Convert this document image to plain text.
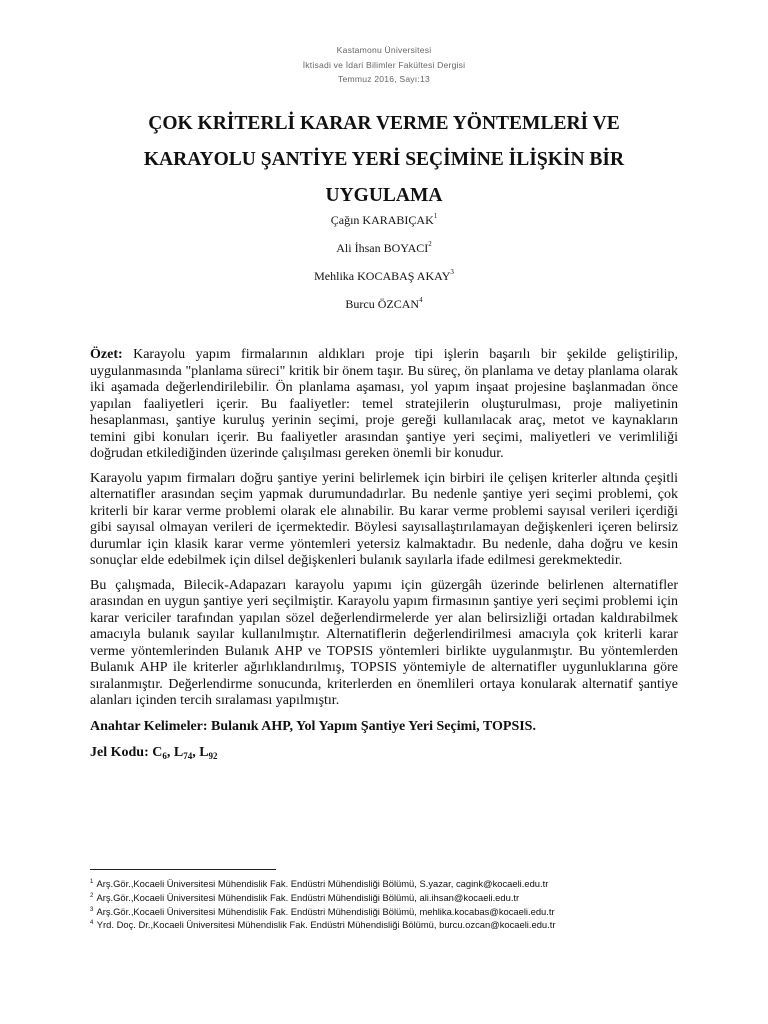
Kastamonu Üniversitesi
İktisadi ve İdari Bilimler Fakültesi Dergisi
Temmuz 2016, Sayı:13
ÇOK KRİTERLİ KARAR VERME YÖNTEMLERİ VE
KARAYOLU ŞANTİYE YERİ SEÇİMİNE İLİŞKİN BİR
UYGULAMA
Çağın KARABIÇAK$^1$
Ali İhsan BOYACI$^2$
Mehlika KOCABAŞ AKAY$^3$
Burcu ÖZCAN$^4$

Özet: Karayolu yapım firmalarının aldıkları proje tipi işlerin başarılı bir şekilde geliştirilip, uygulanmasında "planlama süreci" kritik bir önem taşır. Bu süreç, ön planlama ve detay planlama olarak iki aşamada değerlendirilebilir. Ön planlama aşaması, yol yapım inşaat projesine başlanmadan önce yapılan faaliyetleri içerir. Bu faaliyetler: temel stratejilerin oluşturulması, proje maliyetinin hesaplanması, şantiye kuruluş yerinin seçimi, proje gereği kullanılacak araç, metot ve kaynakların temini gibi konuları içerir. Bu faaliyetler arasından şantiye yeri seçimi, maliyetleri ve verimliliği doğrudan etkilediğinden üzerinde çalışılması gereken önemli bir konudur.

Karayolu yapım firmaları doğru şantiye yerini belirlemek için birbiri ile çelişen kriterler altında çeşitli alternatifler arasından seçim yapmak durumundadırlar. Bu nedenle şantiye yeri seçimi problemi, çok kriterli bir karar verme problemi olarak ele alınabilir. Bu karar verme problemi sayısal verileri içerdiği gibi sayısal olmayan verileri de içermektedir. Böylesi sayısallaştırılamayan değişkenleri içeren belirsiz durumlar için klasik karar verme yöntemleri yetersiz kalmaktadır. Bu nedenle, daha doğru ve kesin sonuçlar elde edebilmek için dilsel değişkenleri bulanık sayılarla ifade edilmesi gerekmektedir.

Bu çalışmada, Bilecik-Adapazarı karayolu yapımı için güzergâh üzerinde belirlenen alternatifler arasından en uygun şantiye yeri seçilmiştir. Karayolu yapım firmasının şantiye yeri seçimi problemi için karar vericiler tarafından yapılan sözel değerlendirmelerde yer alan belirsizliği ortadan kaldırabilmek amacıyla bulanık sayılar kullanılmıştır. Alternatiflerin değerlendirilmesi amacıyla çok kriterli karar verme yöntemlerinden Bulanık AHP ve TOPSIS yöntemleri birlikte uygulanmıştır. Bu yöntemlerden Bulanık AHP ile kriterler ağırlıklandırılmış, TOPSIS yöntemiyle de alternatifler uygunluklarına göre sıralanmıştır. Değerlendirme sonucunda, kriterlerden en önemlileri ortaya konularak alternatif şantiye alanları içinden tercih sıralaması yapılmıştır.

Anahtar Kelimeler: Bulanık AHP, Yol Yapım Şantiye Yeri Seçimi, TOPSIS.
Jel Kodu: $C_6$, $L_{74}$, $L_{92}$
$^1$ Arş.Gör.,Kocaeli Üniversitesi Mühendislik Fak. Endüstri Mühendisliği Bölümü, S.yazar, cagink@kocaeli.edu.tr
$^2$ Arş.Gör.,Kocaeli Üniversitesi Mühendislik Fak. Endüstri Mühendisliği Bölümü, ali.ihsan@kocaeli.edu.tr
$^3$ Arş.Gör.,Kocaeli Üniversitesi Mühendislik Fak. Endüstri Mühendisliği Bölümü, mehlika.kocabas@kocaeli.edu.tr
$^4$ Yrd. Doç. Dr.,Kocaeli Üniversitesi Mühendislik Fak. Endüstri Mühendisliği Bölümü, burcu.ozcan@kocaeli.edu.tr
